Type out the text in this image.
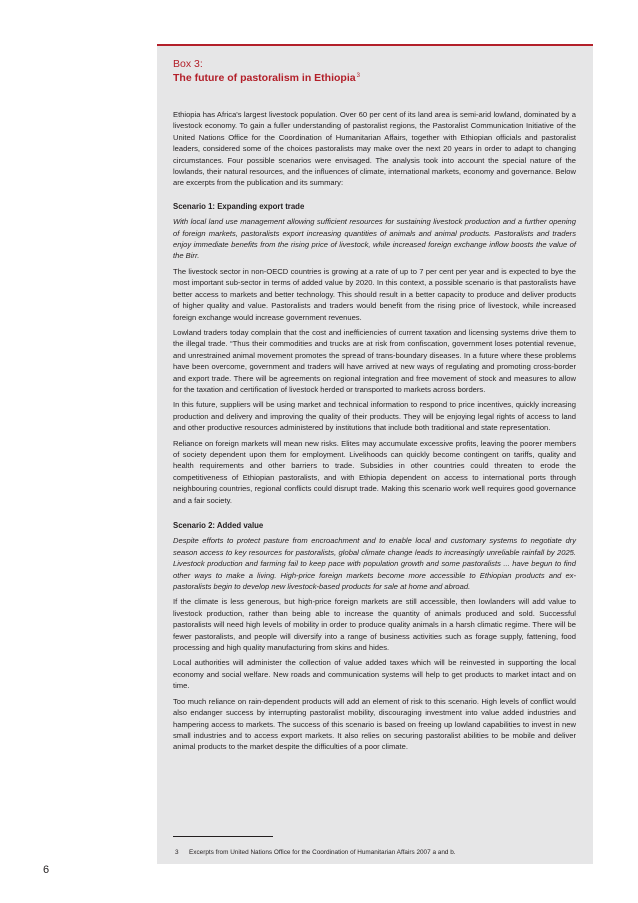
Box 3:
The future of pastoralism in Ethiopia$^3$

Ethiopia has Africa's largest livestock population. Over 60 per cent of its land area is semi-arid lowland, dominated by a livestock economy. To gain a fuller understanding of pastoralist regions, the Pastoralist Communication Initiative of the United Nations Office for the Coordination of Humanitarian Affairs, together with Ethiopian officials and pastoralist leaders, considered some of the choices pastoralists may make over the next 20 years in order to adapt to changing circumstances. Four possible scenarios were envisaged. The analysis took into account the special nature of the lowlands, their natural resources, and the influences of climate, international markets, economy and governance. Below are excerpts from the publication and its summary:

Scenario 1: Expanding export trade

With local land use management allowing sufficient resources for sustaining livestock production and a further opening of foreign markets, pastoralists export increasing quantities of animals and animal products. Pastoralists and traders enjoy immediate benefits from the rising price of livestock, while increased foreign exchange inflow boosts the value of the Birr.

The livestock sector in non-OECD countries is growing at a rate of up to 7 per cent per year and is expected to bye the most important sub-sector in terms of added value by 2020. In this context, a possible scenario is that pastoralists have better access to markets and better technology. This should result in a better capacity to produce and deliver products of higher quality and value. Pastoralists and traders would benefit from the rising price of livestock, while increased foreign exchange would increase government revenues.

Lowland traders today complain that the cost and inefficiencies of current taxation and licensing systems drive them to the illegal trade. “Thus their commodities and trucks are at risk from confiscation, government loses potential revenue, and unrestrained animal movement promotes the spread of trans-boundary diseases. In a future where these problems have been overcome, government and traders will have arrived at new ways of regulating and promoting cross-border and export trade. There will be agreements on regional integration and free movement of stock and measures to allow for the taxation and certification of livestock herded or transported to markets across borders.

In this future, suppliers will be using market and technical information to respond to price incentives, quickly increasing production and delivery and improving the quality of their products. They will be enjoying legal rights of access to land and other productive resources administered by institutions that include both traditional and state representation.

Reliance on foreign markets will mean new risks. Elites may accumulate excessive profits, leaving the poorer members of society dependent upon them for employment. Livelihoods can quickly become contingent on tariffs, quality and health requirements and other barriers to trade. Subsidies in other countries could threaten to erode the competitiveness of Ethiopian pastoralists, and with Ethiopia dependent on access to international ports through neighbouring countries, regional conflicts could disrupt trade. Making this scenario work well requires good governance and a fair society.

Scenario 2: Added value

Despite efforts to protect pasture from encroachment and to enable local and customary systems to negotiate dry season access to key resources for pastoralists, global climate change leads to increasingly unreliable rainfall by 2025. Livestock production and farming fail to keep pace with population growth and some pastoralists ... have begun to find other ways to make a living. High-price foreign markets become more accessible to Ethiopian products and ex-pastoralists begin to develop new livestock-based products for sale at home and abroad.

If the climate is less generous, but high-price foreign markets are still accessible, then lowlanders will add value to livestock production, rather than being able to increase the quantity of animals produced and sold. Successful pastoralists will need high levels of mobility in order to produce quality animals in a harsh climatic regime. There will be fewer pastoralists, and people will diversify into a range of business activities such as forage supply, fattening, food processing and high quality manufacturing from skins and hides.

Local authorities will administer the collection of value added taxes which will be reinvested in supporting the local economy and social welfare. New roads and communication systems will help to get products to market intact and on time.

Too much reliance on rain-dependent products will add an element of risk to this scenario. High levels of conflict would also endanger success by interrupting pastoralist mobility, discouraging investment into value added industries and hampering access to markets. The success of this scenario is based on freeing up lowland capabilities to invest in new small industries and to access export markets. It also relies on securing pastoralist abilities to be mobile and deliver animal products to the market despite the difficulties of a poor climate.

3 Excerpts from United Nations Office for the Coordination of Humanitarian Affairs 2007 a and b.
6
